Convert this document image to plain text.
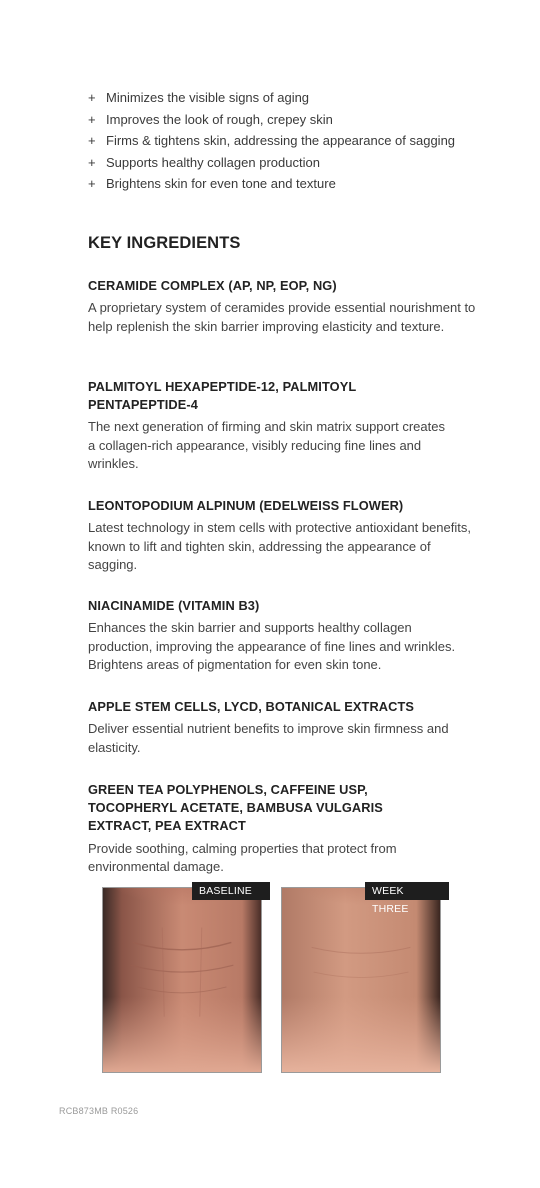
+ Minimizes the visible signs of aging
+ Improves the look of rough, crepey skin
+ Firms & tightens skin, addressing the appearance of sagging
+ Supports healthy collagen production
+ Brightens skin for even tone and texture
KEY INGREDIENTS
CERAMIDE COMPLEX (AP, NP, EOP, NG)

A proprietary system of ceramides provide essential nourishment to help replenish the skin barrier improving elasticity and texture.

PALMITOYL HEXAPEPTIDE-12, PALMITOYL PENTAPEPTIDE-4

The next generation of firming and skin matrix support creates a collagen-rich appearance, visibly reducing fine lines and wrinkles.

LEONTOPODIUM ALPINUM (EDELWEISS FLOWER)

Latest technology in stem cells with protective antioxidant benefits, known to lift and tighten skin, addressing the appearance of sagging.

NIACINAMIDE (VITAMIN B3)

Enhances the skin barrier and supports healthy collagen production, improving the appearance of fine lines and wrinkles. Brightens areas of pigmentation for even skin tone.

APPLE STEM CELLS, LYCD, BOTANICAL EXTRACTS

Deliver essential nutrient benefits to improve skin firmness and elasticity.

GREEN TEA POLYPHENOLS, CAFFEINE USP, TOCOPHERYL ACETATE, BAMBUSA VULGARIS EXTRACT, PEA EXTRACT

Provide soothing, calming properties that protect from environmental damage.

BASELINE	WEEK THREE
RCB873MB R0526
